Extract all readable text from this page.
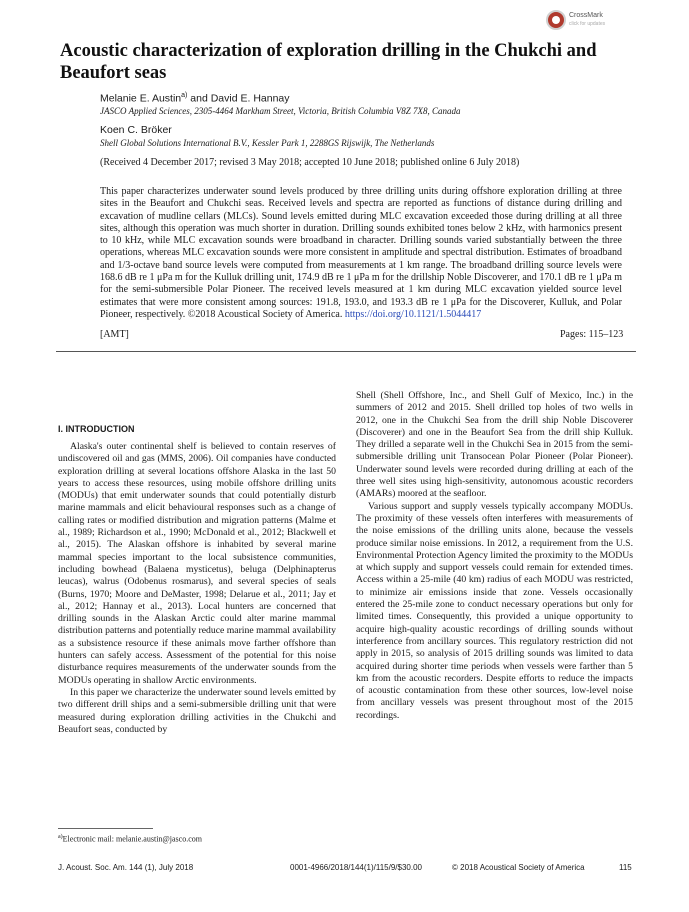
CrossMark
click for updates
Acoustic characterization of exploration drilling in the Chukchi and Beaufort seas
Melanie E. Austin$^{a)}$ and David E. Hannay
JASCO Applied Sciences, 2305-4464 Markham Street, Victoria, British Columbia V8Z 7X8, Canada
Koen C. Bröker
Shell Global Solutions International B.V., Kessler Park 1, 2288GS Rijswijk, The Netherlands
(Received 4 December 2017; revised 3 May 2018; accepted 10 June 2018; published online 6 July 2018)
This paper characterizes underwater sound levels produced by three drilling units during offshore exploration drilling at three sites in the Beaufort and Chukchi seas. Received levels and spectra are reported as functions of distance during drilling and excavation of mudline cellars (MLCs). Sound levels emitted during MLC excavation exceeded those during drilling at all three sites, although this operation was much shorter in duration. Drilling sounds exhibited tones below 2 kHz, with harmonics present to 10 kHz, while MLC excavation sounds were broadband in character. Drilling sounds varied substantially between the three operations, whereas MLC excavation sounds were more consistent in amplitude and spectral distribution. Estimates of broadband and 1/3-octave band source levels were computed from measurements at 1 km range. The broadband drilling source levels were 168.6 dB re 1 μPa m for the Kulluk drilling unit, 174.9 dB re 1 μPa m for the drillship Noble Discoverer, and 170.1 dB re 1 μPa m for the semi-submersible Polar Pioneer. The received levels measured at 1 km during MLC excavation yielded source level estimates that were more consistent among sources: 191.8, 193.0, and 193.3 dB re 1 μPa for the Discoverer, Kulluk, and Polar Pioneer, respectively. ©2018 Acoustical Society of America. https://doi.org/10.1121/1.5044417
[AMT]	Pages: 115–123
I. INTRODUCTION

Alaska's outer continental shelf is believed to contain reserves of undiscovered oil and gas (MMS, 2006). Oil companies have conducted exploration drilling at several locations offshore Alaska in the last 50 years to access these resources, using mobile offshore drilling units (MODUs) that emit underwater sounds that could potentially disturb marine mammals and elicit behavioural responses such as a change of calling rates or modified distribution and migration patterns (Malme et al., 1989; Richardson et al., 1990; McDonald et al., 2012; Blackwell et al., 2015). The Alaskan offshore is inhabited by several marine mammal species important to the local subsistence communities, including bowhead (Balaena mysticetus), beluga (Delphinapterus leucas), walrus (Odobenus rosmarus), and several species of seals (Burns, 1970; Moore and DeMaster, 1998; Delarue et al., 2011; Jay et al., 2012; Hannay et al., 2013). Local hunters are concerned that drilling sounds in the Alaskan Arctic could alter marine mammal distribution patterns and potentially reduce marine mammal availability as a subsistence resource if these animals move farther offshore than hunters can safely access. Assessment of the potential for this noise disturbance requires measurements of the underwater sounds from the MODUs operating in shallow Arctic environments.

In this paper we characterize the underwater sound levels emitted by two different drill ships and a semi-submersible drilling unit that were measured during exploration drilling activities in the Chukchi and Beaufort seas, conducted by

Shell (Shell Offshore, Inc., and Shell Gulf of Mexico, Inc.) in the summers of 2012 and 2015. Shell drilled top holes of two wells in 2012, one in the Chukchi Sea from the drill ship Noble Discoverer (Discoverer) and one in the Beaufort Sea from the drill ship Kulluk. They drilled a separate well in the Chukchi Sea in 2015 from the semi-submersible drilling unit Transocean Polar Pioneer (Polar Pioneer). Underwater sound levels were recorded during drilling at each of the three well sites using high-sensitivity, autonomous acoustic recorders (AMARs) moored at the seafloor.

Various support and supply vessels typically accompany MODUs. The proximity of these vessels often interferes with measurements of the noise emissions of the drilling units alone, because the vessels produce similar noise emissions. In 2012, a requirement from the U.S. Environmental Protection Agency limited the proximity to the MODUs at which supply and support vessels could remain for extended times. Access within a 25-mile (40 km) radius of each MODU was restricted, to minimize air emissions inside that zone. Vessels occasionally entered the 25-mile zone to conduct necessary operations but only for limited times. Consequently, this provided a unique opportunity to acquire high-quality acoustic recordings of drilling sounds without interference from ancillary sources. This regulatory restriction did not apply in 2015, so analysis of 2015 drilling sounds was limited to data acquired during shorter time periods when vessels were farther than 5 km from the acoustic recorders. Despite efforts to reduce the impacts of acoustic contamination from these other sources, low-level noise from ancillary vessels was present throughout most of the 2015 recordings.

$^{a)}$Electronic mail: melanie.austin@jasco.com
J. Acoust. Soc. Am. 144 (1), July 2018	0001-4966/2018/144(1)/115/9/$30.00	© 2018 Acoustical Society of America	115
